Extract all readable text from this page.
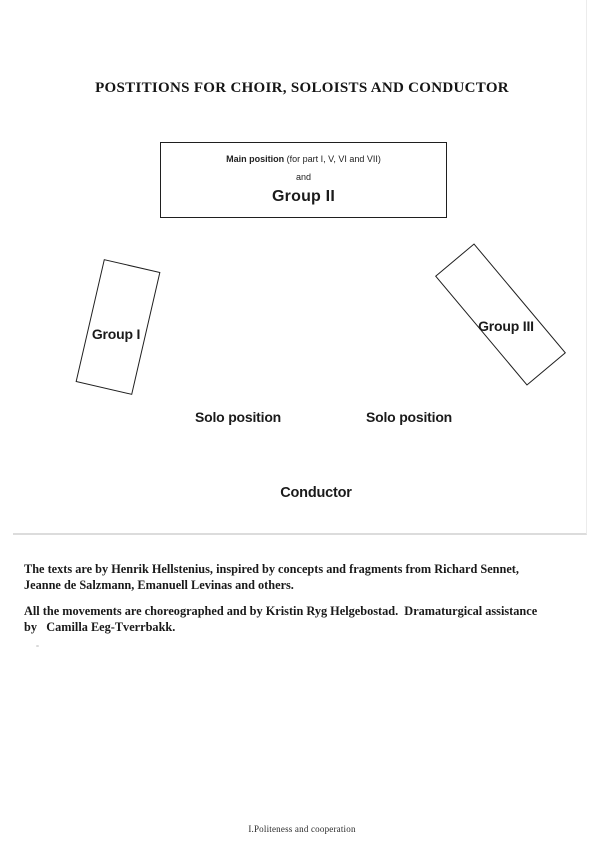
POSTITIONS FOR CHOIR, SOLOISTS AND CONDUCTOR
Main position (for part I, V, VI and VII)
and
Group II
Group I	Group III
Solo position	Solo position
Conductor
The texts are by Henrik Hellstenius, inspired by concepts and fragments from Richard Sennet,
Jeanne de Salzmann, Emanuell Levinas and others.
All the movements are choreographed and by Kristin Ryg Helgebostad.  Dramaturgical assistance
by   Camilla Eeg-Tverrbakk.
I.Politeness and cooperation
